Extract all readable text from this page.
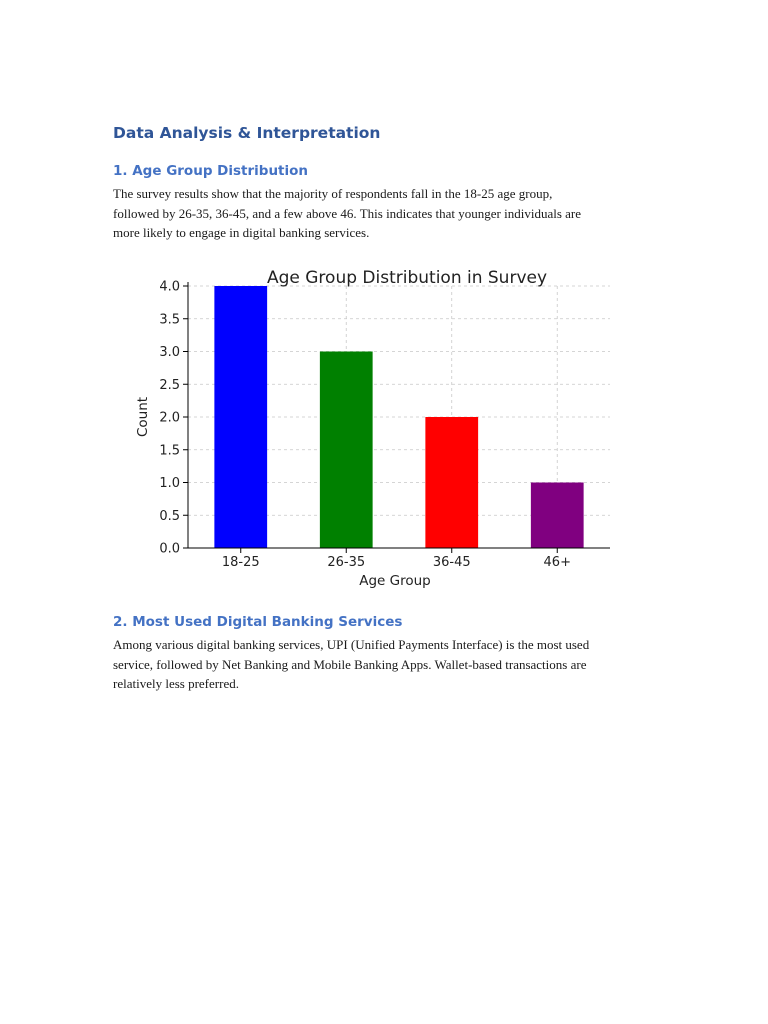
Data Analysis & Interpretation
1. Age Group Distribution
The survey results show that the majority of respondents fall in the 18-25 age group,
followed by 26-35, 36-45, and a few above 46. This indicates that younger individuals are
more likely to engage in digital banking services.
0.0
0.5
1.0
1.5
2.0
2.5
3.0
3.5
4.0
18-25	26-35	36-45	46+
Age Group Distribution in Survey
Age Group
Count
2. Most Used Digital Banking Services
Among various digital banking services, UPI (Unified Payments Interface) is the most used
service, followed by Net Banking and Mobile Banking Apps. Wallet-based transactions are
relatively less preferred.
